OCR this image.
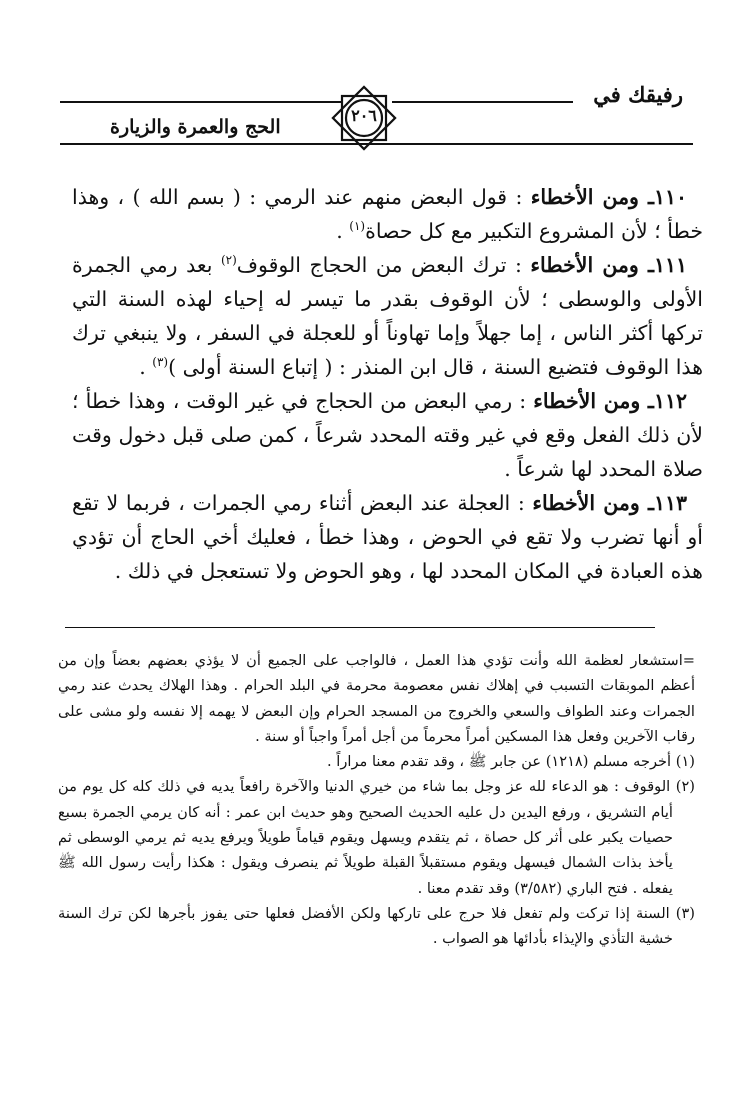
رفيقك في
٢٠٦
الحج والعمرة والزيارة

١١٠ـ ومن الأخطاء : قول البعض منهم عند الرمي : ( بسم الله ) ، وهذا خطأ ؛ لأن المشروع التكبير مع كل حصاة$^{(١)}$ .

١١١ـ ومن الأخطاء : ترك البعض من الحجاج الوقوف$^{(٢)}$ بعد رمي الجمرة الأولى والوسطى ؛ لأن الوقوف بقدر ما تيسر له إحياء لهذه السنة التي تركها أكثر الناس ، إما جهلاً وإما تهاوناً أو للعجلة في السفر ، ولا ينبغي ترك هذا الوقوف فتضيع السنة ، قال ابن المنذر : ( إتباع السنة أولى )$^{(٣)}$ .

١١٢ـ ومن الأخطاء : رمي البعض من الحجاج في غير الوقت ، وهذا خطأ ؛ لأن ذلك الفعل وقع في غير وقته المحدد شرعاً ، كمن صلى قبل دخول وقت صلاة المحدد لها شرعاً .

١١٣ـ ومن الأخطاء : العجلة عند البعض أثناء رمي الجمرات ، فربما لا تقع أو أنها تضرب ولا تقع في الحوض ، وهذا خطأ ، فعليك أخي الحاج أن تؤدي هذه العبادة في المكان المحدد لها ، وهو الحوض ولا تستعجل في ذلك .

=استشعار لعظمة الله وأنت تؤدي هذا العمل ، فالواجب على الجميع أن لا يؤذي بعضهم بعضاً وإن من أعظم الموبقات التسبب في إهلاك نفس معصومة محرمة في البلد الحرام . وهذا الهلاك يحدث عند رمي الجمرات وعند الطواف والسعي والخروج من المسجد الحرام وإن البعض لا يهمه إلا نفسه ولو مشى على رقاب الآخرين وفعل هذا المسكين أمراً محرماً من أجل أمراً واجباً أو سنة .

(١) أخرجه مسلم (١٢١٨) عن جابر ﷺ ، وقد تقدم معنا مراراً .

(٢) الوقوف : هو الدعاء لله عز وجل بما شاء من خيري الدنيا والآخرة رافعاً يديه في ذلك كله كل يوم من أيام التشريق ، ورفع اليدين دل عليه الحديث الصحيح وهو حديث ابن عمر : أنه كان يرمي الجمرة بسبع حصيات يكبر على أثر كل حصاة ، ثم يتقدم ويسهل ويقوم قياماً طويلاً ويرفع يديه ثم يرمي الوسطى ثم يأخذ بذات الشمال فيسهل ويقوم مستقبلاً القبلة طويلاً ثم ينصرف ويقول : هكذا رأيت رسول الله ﷺ يفعله . فتح الباري (٣/٥٨٢) وقد تقدم معنا .

(٣) السنة إذا تركت ولم تفعل فلا حرج على تاركها ولكن الأفضل فعلها حتى يفوز بأجرها لكن ترك السنة خشية التأذي والإيذاء بأدائها هو الصواب .
